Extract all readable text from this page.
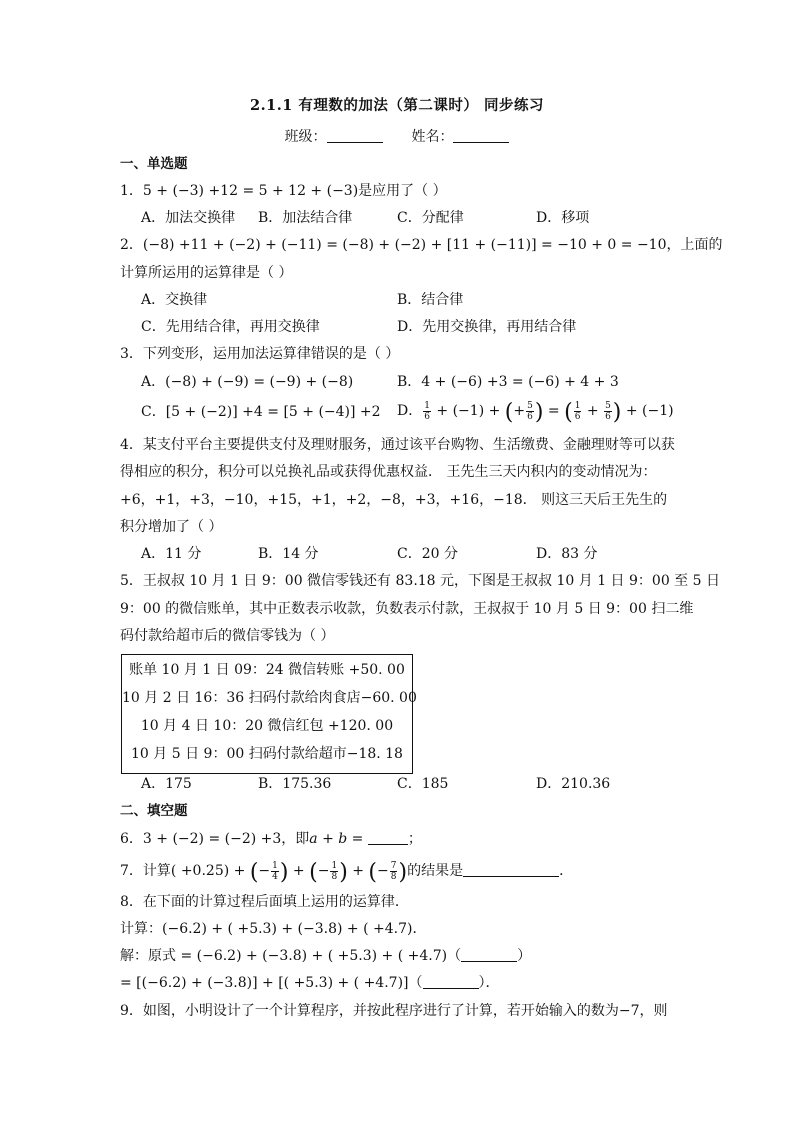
2.1.1 有理数的加法（第二课时） 同步练习
班级：	姓名：
一、单选题
1．5 + (−3) +12 = 5 + 12 + (−3)是应用了（ ）
A．加法交换律 B．加法结合律	C．分配律	D．移项
2．(−8) +11 + (−2) + (−11) = (−8) + (−2) + [11 + (−11)] = −10 + 0 = −10，上面的
计算所运用的运算律是（ ）
A．交换律	B．结合律
C．先用结合律，再用交换律	D．先用交换律，再用结合律
3．下列变形，运用加法运算律错误的是（ ）
A．(−8) + (−9) = (−9) + (−8)	B．4 + (−6) +3 = (−6) + 4 + 3
C．[5 + (−2)] +4 = [5 + (−4)] +2 D． $\frac{1}{6} + (-1)$ + (+ $\frac{5}{6}$ ) = ( $\frac{1}{6} + \frac{5}{6}$ ) + (−1)
4．某支付平台主要提供支付及理财服务，通过该平台购物、生活缴费、金融理财等可以获
得相应的积分，积分可以兑换礼品或获得优惠权益． 王先生三天内积内的变动情况为：
+6，+1，+3，−10，+15，+1，+2，−8，+3，+16，−18． 则这三天后王先生的
积分增加了（ ）
A．11 分	B．14 分	C．20 分	D．83 分
5．王叔叔 10 月 1 日 9：00 微信零钱还有 83.18 元，下图是王叔叔 10 月 1 日 9：00 至 5 日
9：00 的微信账单，其中正数表示收款，负数表示付款，王叔叔于 10 月 5 日 9：00 扫二维
码付款给超市后的微信零钱为（ ）
账单 10 月 1 日 09：24 微信转账 +50. 00
10 月 2 日 16：36 扫码付款给肉食店−60. 00
10 月 4 日 10：20 微信红包 +120. 00
10 月 5 日 9：00 扫码付款给超市−18. 18
A．175	B．175.36	C．185	D．210.36
二、填空题
6．3 + (−2) = (−2) +3，即𝑎 + 𝑏 =	；
7．计算( +0.25) + (− $\frac{1}{4}$ ) + (− $\frac{1}{8}$ ) + (− $\frac{7}{8}$ )的结果是	．
8．在下面的计算过程后面填上运用的运算律．
计算：(−6.2) + ( +5.3) + (−3.8) + ( +4.7)．
解：原式 = (−6.2) + (−3.8) + ( +5.3) + ( +4.7)（	）
= [(−6.2) + (−3.8)] + [( +5.3) + ( +4.7)]（	）．
9．如图，小明设计了一个计算程序，并按此程序进行了计算，若开始输入的数为−7，则
